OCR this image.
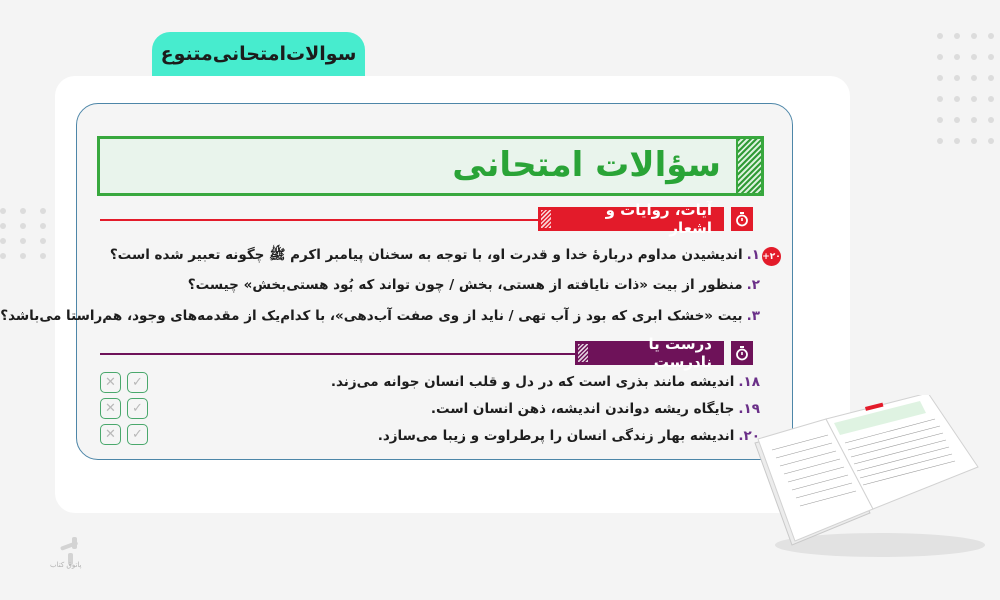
سوالات‌امتحانی‌متنوع
سؤالات امتحانی
آیات، روایات و اشعار
+۲۰
۱.اندیشیدن مداوم دربارهٔ خدا و قدرت او، با توجه به سخنان پیامبر اکرم ﷺ چگونه تعبیر شده است؟
۲.منظور از بیت «ذات نایافته از هستی، بخش / چون تواند که بُود هستی‌بخش» چیست؟
۳.بیت «خشک ابری که بود ز آب تهی / ناید از وی صفت آب‌دهی»، با کدام‌یک از مقدمه‌های وجود، هم‌راستا می‌باشد؟
درست یا نادرست
۱۸.اندیشه مانند بذری است که در دل و قلب انسان جوانه می‌زند.
۱۹.جایگاه ریشه دواندن اندیشه، ذهن انسان است.
۲۰.اندیشه بهار زندگی انسان را پرطراوت و زیبا می‌سازد.
✕ ✓
✕ ✓
✕ ✓
پاتوق کتاب
